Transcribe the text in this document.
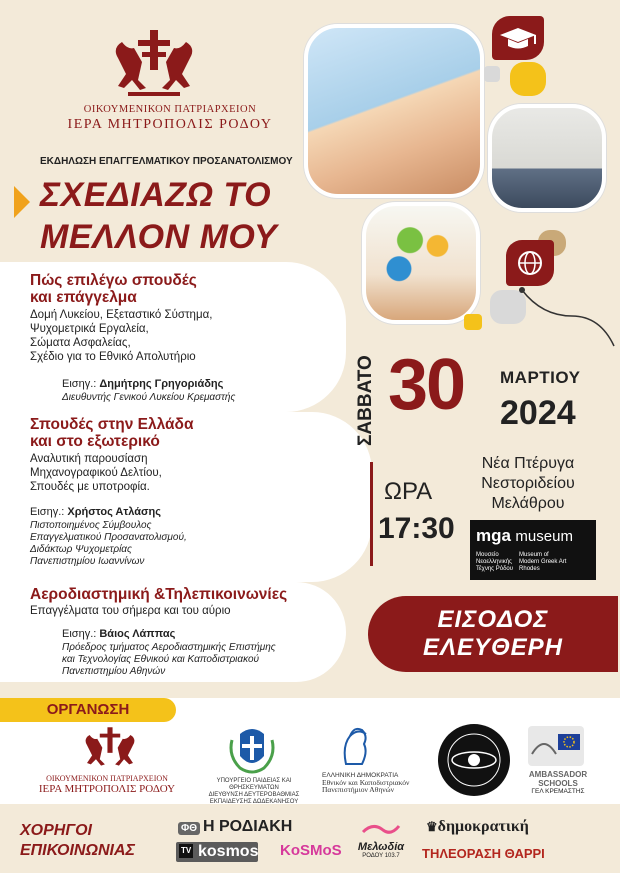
ΟΙΚΟΥΜΕΝΙΚΟΝ ΠΑΤΡΙΑΡΧΕΙΟΝ
ΙΕΡΑ ΜΗΤΡΟΠΟΛΙΣ ΡΟΔΟΥ
ΕΚΔΗΛΩΣΗ ΕΠΑΓΓΕΛΜΑΤΙΚΟΥ ΠΡΟΣΑΝΑΤΟΛΙΣΜΟΥ
ΣΧΕΔΙΑΖΩ ΤΟ
ΜΕΛΛΟΝ ΜΟΥ
Πώς επιλέγω σπουδές
και επάγγελμα
Δομή Λυκείου, Εξεταστικό Σύστημα,
Ψυχομετρικά Εργαλεία,
Σώματα Ασφαλείας,
Σχέδιο για το Εθνικό Απολυτήριο
Εισηγ.: Δημήτρης Γρηγοριάδης
Διευθυντής Γενικού Λυκείου Κρεμαστής
Σπουδές στην Ελλάδα
και στο εξωτερικό
Αναλυτική παρουσίαση
Μηχανογραφικού Δελτίου,
Σπουδές με υποτροφία.
Εισηγ.: Χρήστος Ατλάσης
Πιστοποιημένος Σύμβουλος
Επαγγελματικού Προσανατολισμού,
Διδάκτωρ Ψυχομετρίας
Πανεπιστημίου Ιωαννίνων
Αεροδιαστημική &Τηλεπικοινωνίες
Επαγγέλματα του σήμερα και του αύριο
Εισηγ.: Βάιος Λάππας
Πρόεδρος τμήματος Αεροδιαστημικής Επιστήμης
και Τεχνολογίας Εθνικού και Καποδιστριακού
Πανεπιστημίου Αθηνών
ΣΑΒΒΑΤΟ 30 ΜΑΡΤΙΟΥ
2024
ΩΡΑ
17:30
Νέα Πτέρυγα
Νεστοριδείου
Μελάθρου
mga museum
Μουσείο
Νεοελληνικής
Τέχνης Ρόδου
Museum of
Modern Greek Art
Rhodes
ΕΙΣΟΔΟΣ
ΕΛΕΥΘΕΡΗ
ΟΡΓΑΝΩΣΗ
ΟΙΚΟΥΜΕΝΙΚΟΝ ΠΑΤΡΙΑΡΧΕΙΟΝ
ΙΕΡΑ ΜΗΤΡΟΠΟΛΙΣ ΡΟΔΟΥ
ΥΠΟΥΡΓΕΙΟ ΠΑΙΔΕΙΑΣ ΚΑΙ ΘΡΗΣΚΕΥΜΑΤΩΝ
ΔΙΕΥΘΥΝΣΗ ΔΕΥΤΕΡΟΒΑΘΜΙΑΣ
ΕΚΠΑΙΔΕΥΣΗΣ ΔΩΔΕΚΑΝΗΣΟΥ
ΕΛΛΗΝΙΚΗ ΔΗΜΟΚΡΑΤΙΑ
Εθνικόν και Καποδιστριακόν
Πανεπιστήμιον Αθηνών
AMBASSADOR
SCHOOLS
ΓΕΛ ΚΡΕΜΑΣΤΗΣ
ΧΟΡΗΓΟΙ
ΕΠΙΚΟΙΝΩΝΙΑΣ
ΦΘ Η ΡΟΔΙΑΚΗ
TV kosmos KoSMoS	Μελωδία
ΡΟΔΟΥ 103.7
♛δημοκρατική
ΤΗΛΕΟΡΑΣΗ ΘΑΡΡΙ
